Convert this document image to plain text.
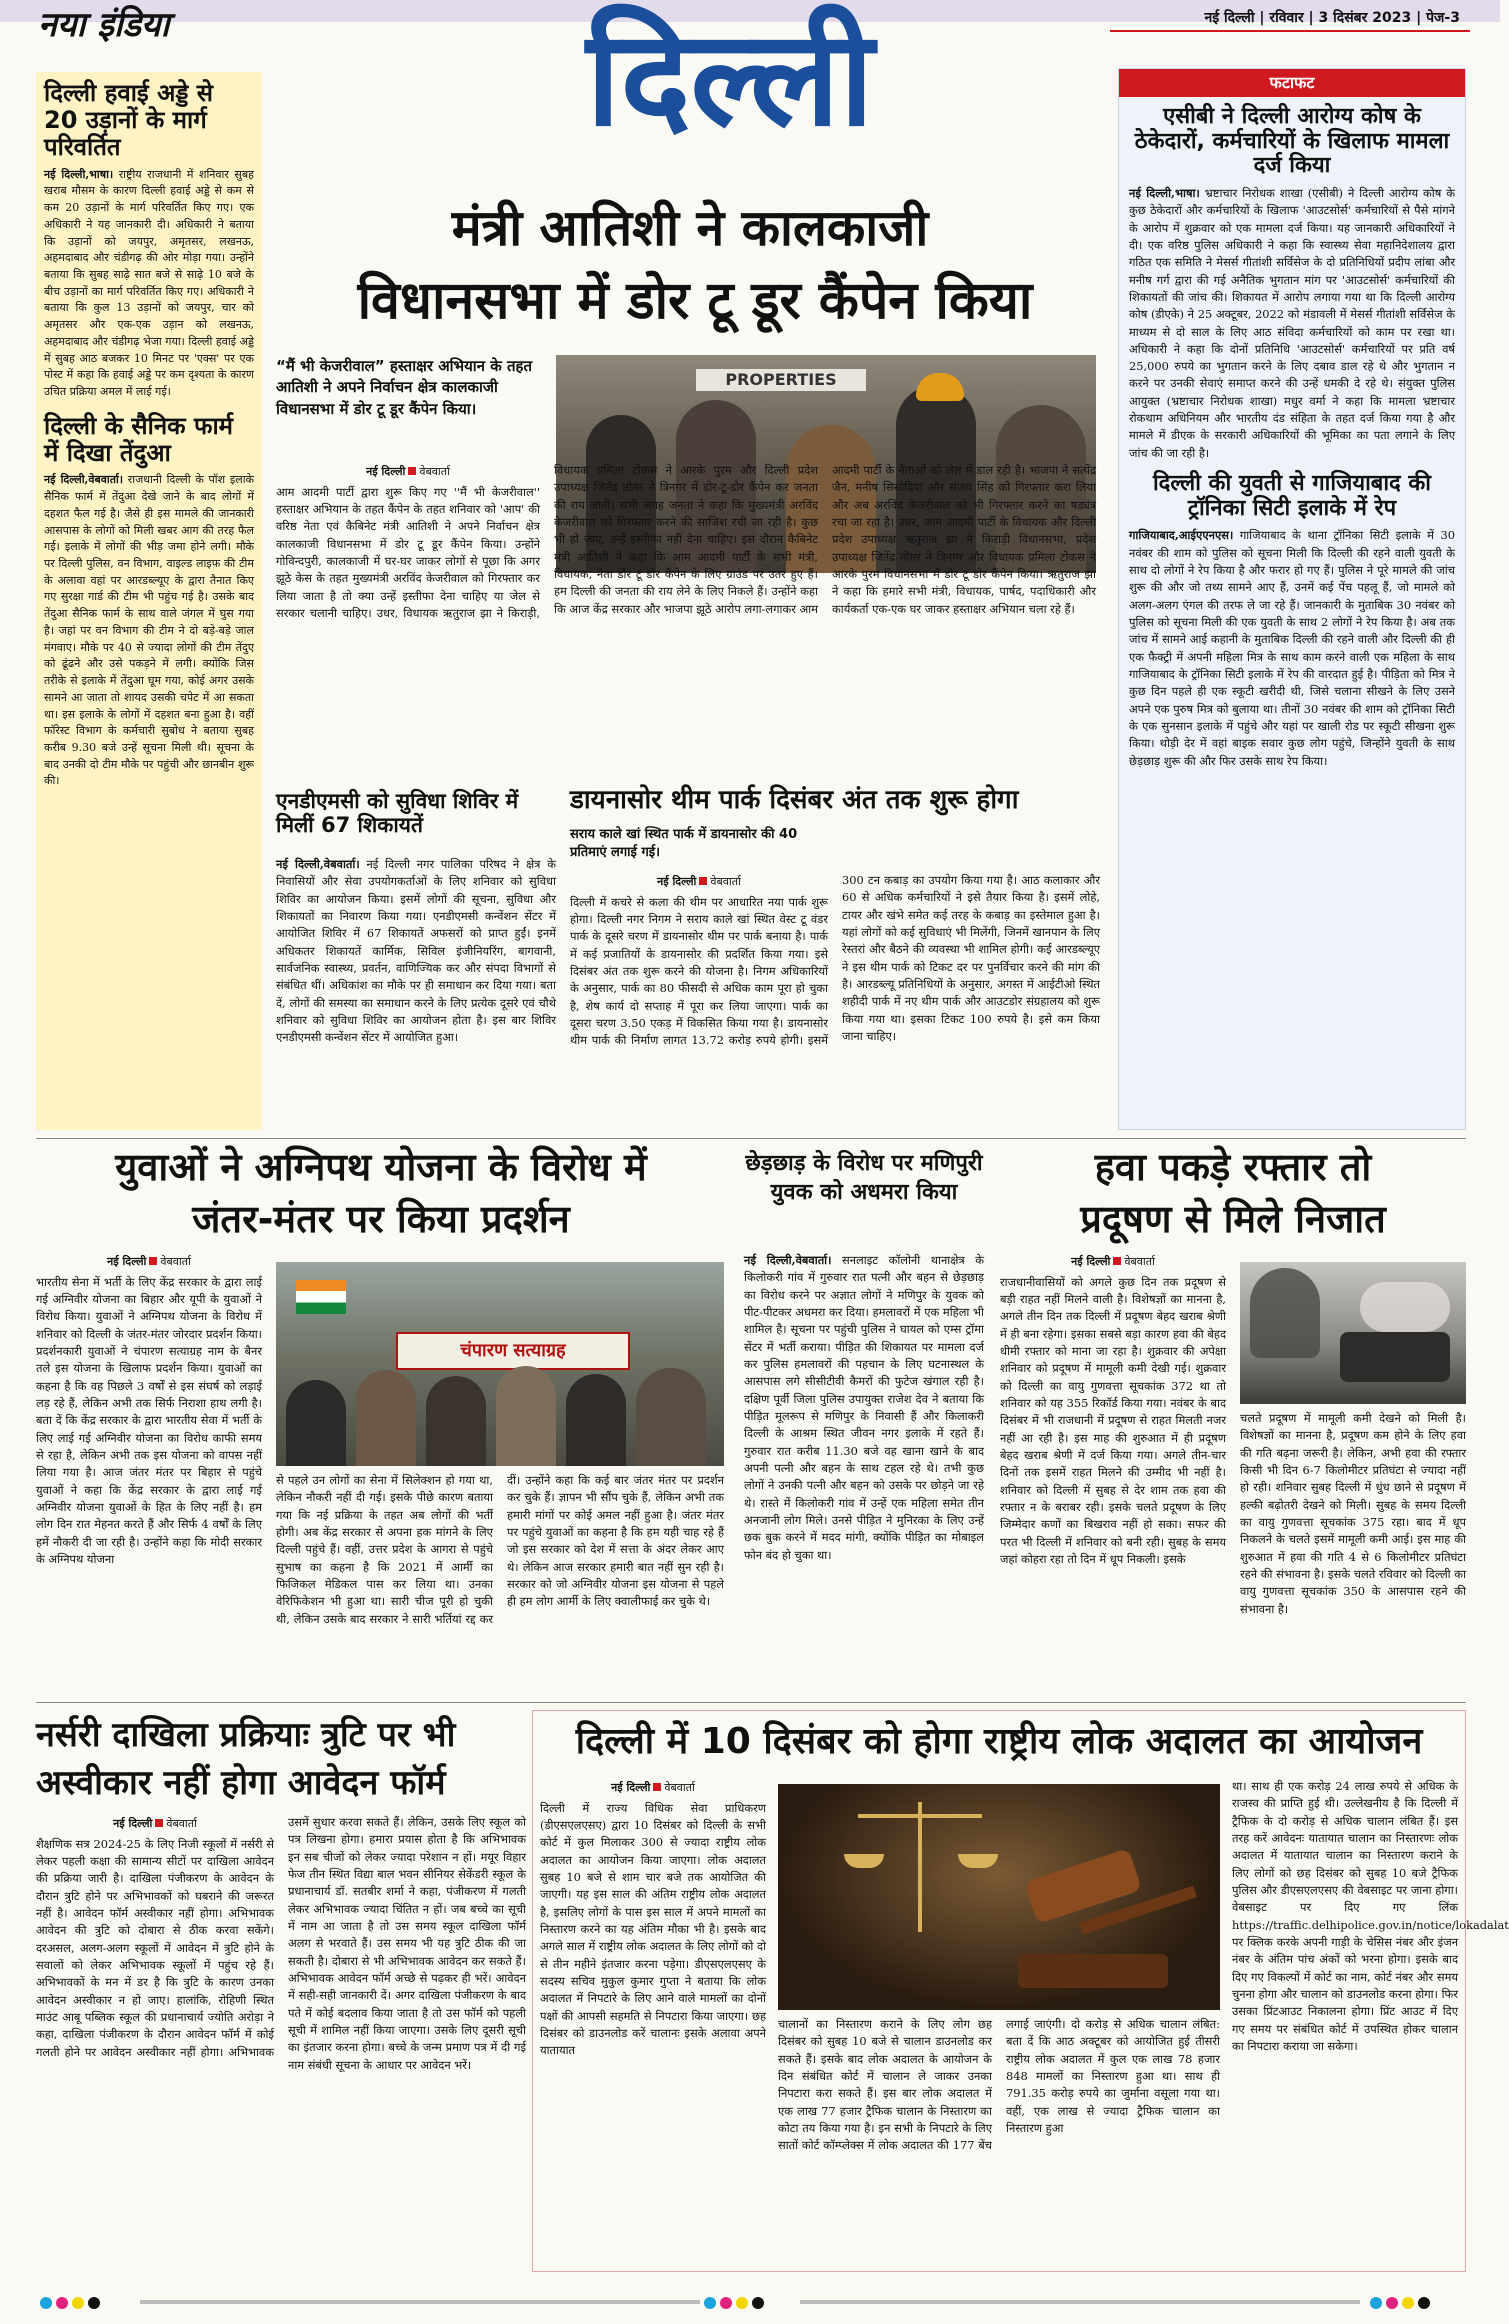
नया इंडिया	नई दिल्ली | रविवार | 3 दिसंबर 2023 | पेज-3
दिल्ली
दिल्ली हवाई अड्डे से 20 उड़ानों के मार्ग परिवर्तित
नई दिल्ली,भाषा। राष्ट्रीय राजधानी में शनिवार सुबह खराब मौसम के कारण दिल्ली हवाई अड्डे से कम से कम 20 उड़ानों के मार्ग परिवर्तित किए गए। एक अधिकारी ने यह जानकारी दी। अधिकारी ने बताया कि उड़ानों को जयपुर, अमृतसर, लखनऊ, अहमदाबाद और चंडीगढ़ की ओर मोड़ा गया। उन्होंने बताया कि सुबह साढ़े सात बजे से साढ़े 10 बजे के बीच उड़ानों का मार्ग परिवर्तित किए गए। अधिकारी ने बताया कि कुल 13 उड़ानों को जयपुर, चार को अमृतसर और एक-एक उड़ान को लखनऊ, अहमदाबाद और चंडीगढ़ भेजा गया। दिल्ली हवाई अड्डे में सुबह आठ बजकर 10 मिनट पर 'एक्स' पर एक पोस्ट में कहा कि हवाई अड्डे पर कम दृश्यता के कारण उचित प्रक्रिया अमल में लाई गई।
दिल्ली के सैनिक फार्म में दिखा तेंदुआ
नई दिल्ली,वेबवार्ता। राजधानी दिल्ली के पॉश इलाके सैनिक फार्म में तेंदुआ देखे जाने के बाद लोगों में दहशत फैल गई है। जैसे ही इस मामले की जानकारी आसपास के लोगों को मिली खबर आग की तरह फैल गई। इलाके में लोगों की भीड़ जमा होने लगी। मौके पर दिल्ली पुलिस, वन विभाग, वाइल्ड लाइफ की टीम के अलावा वहां पर आरडब्ल्यूए के द्वारा तैनात किए गए सुरक्षा गार्ड की टीम भी पहुंच गई है। उसके बाद तेंदुआ सैनिक फार्म के साथ वाले जंगल में घुस गया है। जहां पर वन विभाग की टीम ने दो बड़े-बड़े जाल मंगवाए। मौके पर 40 से ज्यादा लोगों की टीम तेंदुए को ढूंढने और उसे पकड़ने में लगी। क्योंकि जिस तरीके से इलाके में तेंदुआ घूम गया, कोई अगर उसके सामने आ जाता तो शायद उसकी चपेट में आ सकता था। इस इलाके के लोगों में दहशत बना हुआ है। वहीं फॉरेस्ट विभाग के कर्मचारी सुबोध ने बताया सुबह करीब 9.30 बजे उन्हें सूचना मिली थी। सूचना के बाद उनकी दो टीम मौके पर पहुंची और छानबीन शुरू की।
मंत्री आतिशी ने कालकाजी
विधानसभा में डोर टू डूर कैंपेन किया
“मैं भी केजरीवाल” हस्ताक्षर अभियान के तहत आतिशी ने अपने निर्वाचन क्षेत्र कालकाजी विधानसभा में डोर टू डूर कैंपेन किया।
PROPERTIES
नई दिल्ली वेबवार्ता

आम आदमी पार्टी द्वारा शुरू किए गए ''मैं भी केजरीवाल'' हस्ताक्षर अभियान के तहत कैंपेन के तहत शनिवार को 'आप' की वरिष्ठ नेता एवं कैबिनेट मंत्री आतिशी ने अपने निर्वाचन क्षेत्र कालकाजी विधानसभा में डोर टू डूर कैंपेन किया। उन्होंने गोविन्दपुरी, कालकाजी में घर-घर जाकर लोगों से पूछा कि अगर झूठे केस के तहत मुख्यमंत्री अरविंद केजरीवाल को गिरफ्तार कर लिया जाता है तो क्या उन्हें इस्तीफा देना चाहिए या जेल से सरकार चलानी चाहिए। उधर, विधायक ऋतुराज झा ने किराड़ी, विधायक प्रमिला टोकस ने आरके पुरम और दिल्ली प्रदेश उपाध्यक्ष जितेंद्र तोमर ने त्रिनगर में डोर-टू-डोर कैंपेन कर जनता की राय जानी। सभी जगह जनता ने कहा कि मुख्यमंत्री अरविंद केजरीवाल को गिरफ्तार करने की साजिश रची जा रही है। कुछ भी हो जाए, उन्हें इस्तीफा नहीं देना चाहिए। इस दौरान कैबिनेट मंत्री आतिशी ने कहा कि आम आदमी पार्टी के सभी मंत्री, विधायक, नेता डोर टू डोर कैंपेन के लिए ग्राउंड पर उतर हुए हैं। हम दिल्ली की जनता की राय लेने के लिए निकले हैं। उन्होंने कहा कि आज केंद्र सरकार और भाजपा झूठे आरोप लगा-लगाकर आम आदमी पार्टी के नेताओं को जेल में डाल रही है। भाजपा ने सत्येंद्र जैन, मनीष सिसोदिया और संजय सिंह को गिरफ्तार करा लिया और अब अरविंद केजरीवाल को भी गिरफ्तार करने का षड्यंत्र रचा जा रहा है। उधर, आम आदमी पार्टी के विधायक और दिल्ली प्रदेश उपाध्यक्ष ऋतुराज झा ने किराड़ी विधानसभा, प्रदेश उपाध्यक्ष जितेंद्र तोमर ने त्रिनगर और विधायक प्रमिला टोकस ने आरके पुरम विधानसभा में डोर टू डोर कैंपेन किया। ऋतुराज झा ने कहा कि हमारे सभी मंत्री, विधायक, पार्षद, पदाधिकारी और कार्यकर्ता एक-एक घर जाकर हस्ताक्षर अभियान चला रहे हैं।

एनडीएमसी को सुविधा शिविर में मिलीं 67 शिकायतें
नई दिल्ली,वेबवार्ता। नई दिल्ली नगर पालिका परिषद ने क्षेत्र के निवासियों और सेवा उपयोगकर्ताओं के लिए शनिवार को सुविधा शिविर का आयोजन किया। इसमें लोगों की सूचना, सुविधा और शिकायतों का निवारण किया गया। एनडीएमसी कन्वेंशन सेंटर में आयोजित शिविर में 67 शिकायतें अफसरों को प्राप्त हुईं। इनमें अधिकतर शिकायतें कार्मिक, सिविल इंजीनियरिंग, बागवानी, सार्वजनिक स्वास्थ्य, प्रवर्तन, वाणिज्यिक कर और संपदा विभागों से संबंधित थीं। अधिकांश का मौके पर ही समाधान कर दिया गया। बता दें, लोगों की समस्या का समाधान करने के लिए प्रत्येक दूसरे एवं चौथे शनिवार को सुविधा शिविर का आयोजन होता है। इस बार शिविर एनडीएमसी कन्वेंशन सेंटर में आयोजित हुआ।
डायनासोर थीम पार्क दिसंबर अंत तक शुरू होगा
सराय काले खां स्थित पार्क में डायनासोर की 40 प्रतिमाएं लगाई गई।
नई दिल्ली वेबवार्ता

दिल्ली में कचरे से कला की थीम पर आधारित नया पार्क शुरू होगा। दिल्ली नगर निगम ने सराय काले खां स्थित वेस्ट टू वंडर पार्क के दूसरे चरण में डायनासोर थीम पर पार्क बनाया है। पार्क में कई प्रजातियों के डायनासोर की प्रदर्शित किया गया। इसे दिसंबर अंत तक शुरू करने की योजना है। निगम अधिकारियों के अनुसार, पार्क का 80 फीसदी से अधिक काम पूरा हो चुका है, शेष कार्य दो सप्ताह में पूरा कर लिया जाएगा। पार्क का दूसरा चरण 3.50 एकड़ में विकसित किया गया है। डायनासोर थीम पार्क की निर्माण लागत 13.72 करोड़ रुपये होगी। इसमें 300 टन कबाड़ का उपयोग किया गया है। आठ कलाकार और 60 से अधिक कर्मचारियों ने इसे तैयार किया है। इसमें लोहे, टायर और खंभे समेत कई तरह के कबाड़ का इस्तेमाल हुआ है। यहां लोगों को कई सुविधाएं भी मिलेंगी, जिनमें खानपान के लिए रेस्तरां और बैठने की व्यवस्था भी शामिल होगी। कई आरडब्ल्यूए ने इस थीम पार्क को टिकट दर पर पुनर्विचार करने की मांग की है। आरडब्ल्यू प्रतिनिधियों के अनुसार, अगस्त में आईटीओ स्थित शहीदी पार्क में नए थीम पार्क और आउटडोर संग्रहालय को शुरू किया गया था। इसका टिकट 100 रुपये है। इसे कम किया जाना चाहिए।

फटाफट
एसीबी ने दिल्ली आरोग्य कोष के ठेकेदारों, कर्मचारियों के खिलाफ मामला दर्ज किया
नई दिल्ली,भाषा। भ्रष्टाचार निरोधक शाखा (एसीबी) ने दिल्ली आरोग्य कोष के कुछ ठेकेदारों और कर्मचारियों के खिलाफ 'आउटसोर्स' कर्मचारियों से पैसे मांगने के आरोप में शुक्रवार को एक मामला दर्ज किया। यह जानकारी अधिकारियों ने दी। एक वरिष्ठ पुलिस अधिकारी ने कहा कि स्वास्थ्य सेवा महानिदेशालय द्वारा गठित एक समिति ने मेसर्स गीतांशी सर्विसेज के दो प्रतिनिधियों प्रदीप लांबा और मनीष गर्ग द्वारा की गई अनैतिक भुगतान मांग पर 'आउटसोर्स' कर्मचारियों की शिकायतों की जांच की। शिकायत में आरोप लगाया गया था कि दिल्ली आरोग्य कोष (डीएके) ने 25 अक्टूबर, 2022 को मंडावली में मेसर्स गीतांशी सर्विसेज के माध्यम से दो साल के लिए आठ संविदा कर्मचारियों को काम पर रखा था। अधिकारी ने कहा कि दोनों प्रतिनिधि 'आउटसोर्स' कर्मचारियों पर प्रति वर्ष 25,000 रुपये का भुगतान करने के लिए दबाव डाल रहे थे और भुगतान न करने पर उनकी सेवाएं समाप्त करने की उन्हें धमकी दे रहे थे। संयुक्त पुलिस आयुक्त (भ्रष्टाचार निरोधक शाखा) मधुर वर्मा ने कहा कि मामला भ्रष्टाचार रोकथाम अधिनियम और भारतीय दंड संहिता के तहत दर्ज किया गया है और मामले में डीएक के सरकारी अधिकारियों की भूमिका का पता लगाने के लिए जांच की जा रही है।
दिल्ली की युवती से गाजियाबाद की ट्रॉनिका सिटी इलाके में रेप
गाजियाबाद,आईएएनएस। गाजियाबाद के थाना ट्रॉनिका सिटी इलाके में 30 नवंबर की शाम को पुलिस को सूचना मिली कि दिल्ली की रहने वाली युवती के साथ दो लोगों ने रेप किया है और फरार हो गए हैं। पुलिस ने पूरे मामले की जांच शुरू की और जो तथ्य सामने आए हैं, उनमें कई पेंच पहलू हैं, जो मामले को अलग-अलग एंगल की तरफ ले जा रहे हैं। जानकारी के मुताबिक 30 नवंबर को पुलिस को सूचना मिली की एक युवती के साथ 2 लोगों ने रेप किया है। अब तक जांच में सामने आई कहानी के मुताबिक दिल्ली की रहने वाली और दिल्ली की ही एक फैक्ट्री में अपनी महिला मित्र के साथ काम करने वाली एक महिला के साथ गाजियाबाद के ट्रॉनिका सिटी इलाके में रेप की वारदात हुई है। पीड़िता को मित्र ने कुछ दिन पहले ही एक स्कूटी खरीदी थी, जिसे चलाना सीखने के लिए उसने अपने एक पुरुष मित्र को बुलाया था। तीनों 30 नवंबर की शाम को ट्रॉनिका सिटी के एक सुनसान इलाके में पहुंचे और यहां पर खाली रोड पर स्कूटी सीखना शुरू किया। थोड़ी देर में वहां बाइक सवार कुछ लोग पहुंचे, जिन्होंने युवती के साथ छेड़छाड़ शुरू की और फिर उसके साथ रेप किया।
युवाओं ने अग्निपथ योजना के विरोध में
जंतर-मंतर पर किया प्रदर्शन
नई दिल्ली वेबवार्ता

भारतीय सेना में भर्ती के लिए केंद्र सरकार के द्वारा लाई गई अग्निवीर योजना का बिहार और यूपी के युवाओं ने विरोध किया। युवाओं ने अग्निपथ योजना के विरोध में शनिवार को दिल्ली के जंतर-मंतर जोरदार प्रदर्शन किया। प्रदर्शनकारी युवाओं ने चंपारण सत्याग्रह नाम के बैनर तले इस योजना के खिलाफ प्रदर्शन किया। युवाओं का कहना है कि वह पिछले 3 वर्षों से इस संघर्ष को लड़ाई लड़ रहे हैं, लेकिन अभी तक सिर्फ निराशा हाथ लगी है। बता दें कि केंद्र सरकार के द्वारा भारतीय सेवा में भर्ती के लिए लाई गई अग्निवीर योजना का विरोध काफी समय से रहा है, लेकिन अभी तक इस योजना को वापस नहीं लिया गया है। आज जंतर मंतर पर बिहार से पहुंचे युवाओं ने कहा कि केंद्र सरकार के द्वारा लाई गई अग्निवीर योजना युवाओं के हित के लिए नहीं है। हम लोग दिन रात मेहनत करते हैं और सिर्फ 4 वर्षों के लिए हमें नौकरी दी जा रही है। उन्होंने कहा कि मोदी सरकार के अग्निपथ योजना

चंपारण सत्याग्रह

से पहले उन लोगों का सेना में सिलेक्शन हो गया था, लेकिन नौकरी नहीं दी गई। इसके पीछे कारण बताया गया कि नई प्रक्रिया के तहत अब लोगों की भर्ती होगी। अब केंद्र सरकार से अपना हक मांगने के लिए दिल्ली पहुंचे हैं। वहीं, उत्तर प्रदेश के आगरा से पहुंचे सुभाष का कहना है कि 2021 में आर्मी का फिजिकल मेडिकल पास कर लिया था। उनका वेरिफिकेशन भी हुआ था। सारी चीज पूरी हो चुकी थी, लेकिन उसके बाद सरकार ने सारी भर्तियां रद्द कर दीं। उन्होंने कहा कि कई बार जंतर मंतर पर प्रदर्शन कर चुके हैं। ज्ञापन भी सौंप चुके हैं, लेकिन अभी तक हमारी मांगों पर कोई अमल नहीं हुआ है। जंतर मंतर पर पहुंचे युवाओं का कहना है कि हम यही चाह रहे हैं जो इस सरकार को देश में सत्ता के अंदर लेकर आए थे। लेकिन आज सरकार हमारी बात नहीं सुन रही है। सरकार को जो अग्निवीर योजना इस योजना से पहले ही हम लोग आर्मी के लिए क्वालीफाई कर चुके थे।

छेड़छाड़ के विरोध पर मणिपुरी युवक को अधमरा किया
नई दिल्ली,वेबवार्ता। सनलाइट कॉलोनी थानाक्षेत्र के किलोकरी गांव में गुरुवार रात पत्नी और बहन से छेड़छाड़ का विरोध करने पर अज्ञात लोगों ने मणिपुर के युवक को पीट-पीटकर अधमरा कर दिया। हमलावरों में एक महिला भी शामिल है। सूचना पर पहुंची पुलिस ने घायल को एम्स ट्रॉमा सेंटर में भर्ती कराया। पीड़ित की शिकायत पर मामला दर्ज कर पुलिस हमलावरों की पहचान के लिए घटनास्थल के आसपास लगे सीसीटीवी कैमरों की फुटेज खंगाल रही है। दक्षिण पूर्वी जिला पुलिस उपायुक्त राजेश देव ने बताया कि पीड़ित मूलरूप से मणिपुर के निवासी हैं और किलाकरी दिल्ली के आश्रम स्थित जीवन नगर इलाके में रहते हैं। गुरुवार रात करीब 11.30 बजे वह खाना खाने के बाद अपनी पत्नी और बहन के साथ टहल रहे थे। तभी कुछ लोगों ने उनकी पत्नी और बहन को उसके पर छोड़ने जा रहे थे। रास्ते में किलोकरी गांव में उन्हें एक महिला समेत तीन अनजानी लोग मिले। उनसे पीड़ित ने मुनिरका के लिए उन्हें छक बुक करने में मदद मांगी, क्योंकि पीड़ित का मोबाइल फोन बंद हो चुका था।
हवा पकड़े रफ्तार तो
प्रदूषण से मिले निजात
नई दिल्ली वेबवार्ता

राजधानीवासियों को अगले कुछ दिन तक प्रदूषण से बड़ी राहत नहीं मिलने वाली है। विशेषज्ञों का मानना है, अगले तीन दिन तक दिल्ली में प्रदूषण बेहद खराब श्रेणी में ही बना रहेगा। इसका सबसे बड़ा कारण हवा की बेहद धीमी रफ्तार को माना जा रहा है। शुक्रवार की अपेक्षा शनिवार को प्रदूषण में मामूली कमी देखी गई। शुक्रवार को दिल्ली का वायु गुणवत्ता सूचकांक 372 था तो शनिवार को यह 355 रिकॉर्ड किया गया। नवंबर के बाद दिसंबर में भी राजधानी में प्रदूषण से राहत मिलती नजर नहीं आ रही है। इस माह की शुरुआत में ही प्रदूषण बेहद खराब श्रेणी में दर्ज किया गया। अगले तीन-चार दिनों तक इसमें राहत मिलने की उम्मीद भी नहीं है। शनिवार को दिल्ली में सुबह से देर शाम तक हवा की रफ्तार न के बराबर रही। इसके चलते प्रदूषण के लिए जिम्मेदार कणों का बिखराव नहीं हो सका। सफर की परत भी दिल्ली में शनिवार को बनी रही। सुबह के समय जहां कोहरा रहा तो दिन में धूप निकली। इसके

चलते प्रदूषण में मामूली कमी देखने को मिली है। विशेषज्ञों का मानना है, प्रदूषण कम होने के लिए हवा की गति बढ़ना जरूरी है। लेकिन, अभी हवा की रफ्तार किसी भी दिन 6-7 किलोमीटर प्रतिघंटा से ज्यादा नहीं हो रही। शनिवार सुबह दिल्ली में धुंध छाने से प्रदूषण में हल्की बढ़ोतरी देखने को मिली। सुबह के समय दिल्ली का वायु गुणवत्ता सूचकांक 375 रहा। बाद में धूप निकलने के चलते इसमें मामूली कमी आई। इस माह की शुरुआत में हवा की गति 4 से 6 किलोमीटर प्रतिघंटा रहने की संभावना है। इसके चलते रविवार को दिल्ली का वायु गुणवत्ता सूचकांक 350 के आसपास रहने की संभावना है।

नर्सरी दाखिला प्रक्रियाः त्रुटि पर भी
अस्वीकार नहीं होगा आवेदन फॉर्म
नई दिल्ली वेबवार्ता

शैक्षणिक सत्र 2024-25 के लिए निजी स्कूलों में नर्सरी से लेकर पहली कक्षा की सामान्य सीटों पर दाखिला आवेदन की प्रक्रिया जारी है। दाखिला पंजीकरण के आवेदन के दौरान त्रुटि होने पर अभिभावकों को घबराने की जरूरत नहीं है। आवेदन फॉर्म अस्वीकार नहीं होगा। अभिभावक आवेदन की त्रुटि को दोबारा से ठीक करवा सकेंगे। दरअसल, अलग-अलग स्कूलों में आवेदन में त्रुटि होने के सवालों को लेकर अभिभावक स्कूलों में पहुंच रहे हैं। अभिभावकों के मन में डर है कि त्रुटि के कारण उनका आवेदन अस्वीकार न हो जाए। हालांकि, रोहिणी स्थित माउंट आबू पब्लिक स्कूल की प्रधानाचार्य ज्योति अरोड़ा ने कहा, दाखिला पंजीकरण के दौरान आवेदन फॉर्म में कोई गलती होने पर आवेदन अस्वीकार नहीं होगा। अभिभावक उसमें सुधार करवा सकते हैं। लेकिन, उसके लिए स्कूल को पत्र लिखना होगा। हमारा प्रयास होता है कि अभिभावक इन सब चीजों को लेकर ज्यादा परेशान न हों। मयूर विहार फेज तीन स्थित विद्या बाल भवन सीनियर सेकेंडरी स्कूल के प्रधानाचार्य डॉ. सतबीर शर्मा ने कहा, पंजीकरण में गलती लेकर अभिभावक ज्यादा चिंतित न हों। जब बच्चे का सूची में नाम आ जाता है तो उस समय स्कूल दाखिला फॉर्म अलग से भरवाते हैं। उस समय भी यह त्रुटि ठीक की जा सकती है। दोबारा से भी अभिभावक आवेदन कर सकते हैं। अभिभावक आवेदन फॉर्म अच्छे से पढ़कर ही भरें। आवेदन में सही-सही जानकारी दें। अगर दाखिला पंजीकरण के बाद पते में कोई बदलाव किया जाता है तो उस फॉर्म को पहली सूची में शामिल नहीं किया जाएगा। उसके लिए दूसरी सूची का इंतजार करना होगा। बच्चे के जन्म प्रमाण पत्र में दी गई नाम संबंधी सूचना के आधार पर आवेदन भरें।

दिल्ली में 10 दिसंबर को होगा राष्ट्रीय लोक अदालत का आयोजन
नई दिल्ली वेबवार्ता

दिल्ली में राज्य विधिक सेवा प्राधिकरण (डीएसएलएसए) द्वारा 10 दिसंबर को दिल्ली के सभी कोर्ट में कुल मिलाकर 300 से ज्यादा राष्ट्रीय लोक अदालत का आयोजन किया जाएगा। लोक अदालत सुबह 10 बजे से शाम चार बजे तक आयोजित की जाएगी। यह इस साल की अंतिम राष्ट्रीय लोक अदालत है, इसलिए लोगों के पास इस साल में अपने मामलों का निस्तारण करने का यह अंतिम मौका भी है। इसके बाद अगले साल में राष्ट्रीय लोक अदालत के लिए लोगों को दो से तीन महीने इंतजार करना पड़ेगा। डीएसएलएसए के सदस्य सचिव मुकुल कुमार गुप्ता ने बताया कि लोक अदालत में निपटारे के लिए आने वाले मामलों का दोनों पक्षों की आपसी सहमति से निपटारा किया जाएगा। छह दिसंबर को डाउनलोड करें चालानः इसके अलावा अपने यातायात

चालानों का निस्तारण कराने के लिए लोग छह दिसंबर को सुबह 10 बजे से चालान डाउनलोड कर सकते हैं। इसके बाद लोक अदालत के आयोजन के दिन संबंधित कोर्ट में चालान ले जाकर उनका निपटारा करा सकते हैं। इस बार लोक अदालत में एक लाख 77 हजार ट्रैफिक चालान के निस्तारण का कोटा तय किया गया है। इन सभी के निपटारे के लिए सातों कोर्ट कॉम्प्लेक्स में लोक अदालत की 177 बेंच लगाई जाएंगी। दो करोड़ से अधिक चालान लंबित: बता दें कि आठ अक्टूबर को आयोजित हुई तीसरी राष्ट्रीय लोक अदालत में कुल एक लाख 78 हजार 848 मामलों का निस्तारण हुआ था। साथ ही 791.35 करोड़ रुपये का जुर्माना वसूला गया था। वहीं, एक लाख से ज्यादा ट्रैफिक चालान का निस्तारण हुआ

था। साथ ही एक करोड़ 24 लाख रुपये से अधिक के राजस्व की प्राप्ति हुई थी। उल्लेखनीय है कि दिल्ली में ट्रैफिक के दो करोड़ से अधिक चालान लंबित हैं। इस तरह करें आवेदनः यातायात चालान का निस्तारणः लोक अदालत में यातायात चालान का निस्तारण कराने के लिए लोगों को छह दिसंबर को सुबह 10 बजे ट्रैफिक पुलिस और डीएसएलएसए की वेबसाइट पर जाना होगा। वेबसाइट पर दिए गए लिंक https://traffic.delhipolice.gov.in/notice/lokadalat पर क्लिक करके अपनी गाड़ी के चेसिस नंबर और इंजन नंबर के अंतिम पांच अंकों को भरना होगा। इसके बाद दिए गए विकल्पों में कोर्ट का नाम, कोर्ट नंबर और समय चुनना होगा और चालान को डाउनलोड करना होगा। फिर उसका प्रिंटआउट निकालना होगा। प्रिंट आउट में दिए गए समय पर संबंधित कोर्ट में उपस्थित होकर चालान का निपटारा कराया जा सकेगा।
